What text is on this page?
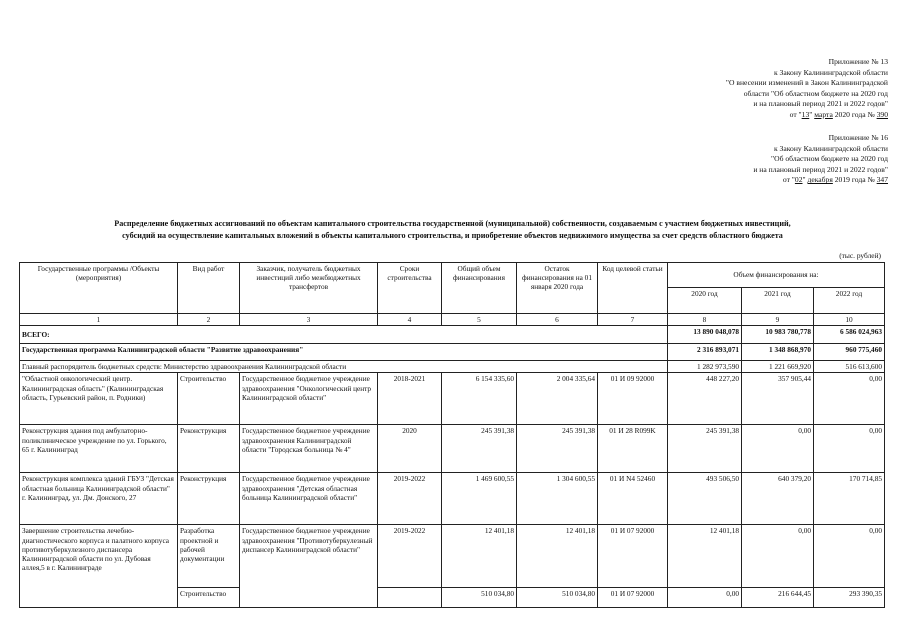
Приложение № 13
к Закону Калининградской области
"О внесении изменений в Закон Калининградской
области "Об областном бюджете на 2020 год
и на плановый период 2021 и 2022 годов"
от "13" марта 2020 года № 390
Приложение № 16
к Закону Калининградской области
"Об областном бюджете на 2020 год
и на плановый период 2021 и 2022 годов"
от "02" декабря 2019 года № 347
Распределение бюджетных ассигнований по объектам капитального строительства государственной (муниципальной) собственности, создаваемым с участием бюджетных инвестиций,
субсидий на осуществление капитальных вложений в объекты капитального строительства, и приобретение объектов недвижимого имущества за счет средств областного бюджета
(тыс. рублей)
Государственные программы /Объекты (мероприятия)	Вид работ	Заказчик, получатель бюджетных инвестиций либо межбюджетных трансфертов	Сроки строительства	Общий объем финансирования	Остаток финансирования на 01 января 2020 года	Код целевой статьи	Объем финансирования на:		
							2020 год	2021 год	2022 год
1	2	3	4	5	6	7	8	9	10
ВСЕГО:							13 890 048,078	10 983 780,778	6 586 024,963
Государственная программа Калининградской области "Развитие здравоохранения"							2 316 893,071	1 348 868,970	960 775,460
Главный распорядитель бюджетных средств: Министерство здравоохранения Калининградской области							1 282 973,590	1 221 669,920	516 613,600
"Областной онкологический центр. Калининградская область" (Калининградская область, Гурьевский район, п. Родники)	Строительство	Государственное бюджетное учреждение здравоохранения "Онкологический центр Калининградской области"	2018-2021	6 154 335,60	2 004 335,64	01 И 09 92000	448 227,20	357 905,44	0,00
Реконструкция здания под амбулаторно-поликлиническое учреждение по ул. Горького, 65 г. Калининград	Реконструкция	Государственное бюджетное учреждение здравоохранения Калининградской области "Городская больница № 4"	2020	245 391,38	245 391,38	01 И 28 R099K	245 391,38	0,00	0,00
Реконструкция комплекса зданий ГБУЗ "Детская областная больница Калининградской области" г. Калининград, ул. Дм. Донского, 27	Реконструкция	Государственное бюджетное учреждение здравоохранения "Детская областная больница Калининградской области"	2019-2022	1 469 600,55	1 304 600,55	01 И N4 52460	493 506,50	640 379,20	170 714,85
Завершение строительства лечебно-диагностического корпуса и палатного корпуса противотуберкулезного диспансера Калининградской области по ул. Дубовая аллея,5 в г. Калининграде	Разработка проектной и рабочей документации	Государственное бюджетное учреждение здравоохранения "Противотуберкулезный диспансер Калининградской области"	2019-2022	12 401,18	12 401,18	01 И 07 92000	12 401,18	0,00	0,00
	Строительство			510 034,80	510 034,80	01 И 07 92000	0,00	216 644,45	293 390,35
